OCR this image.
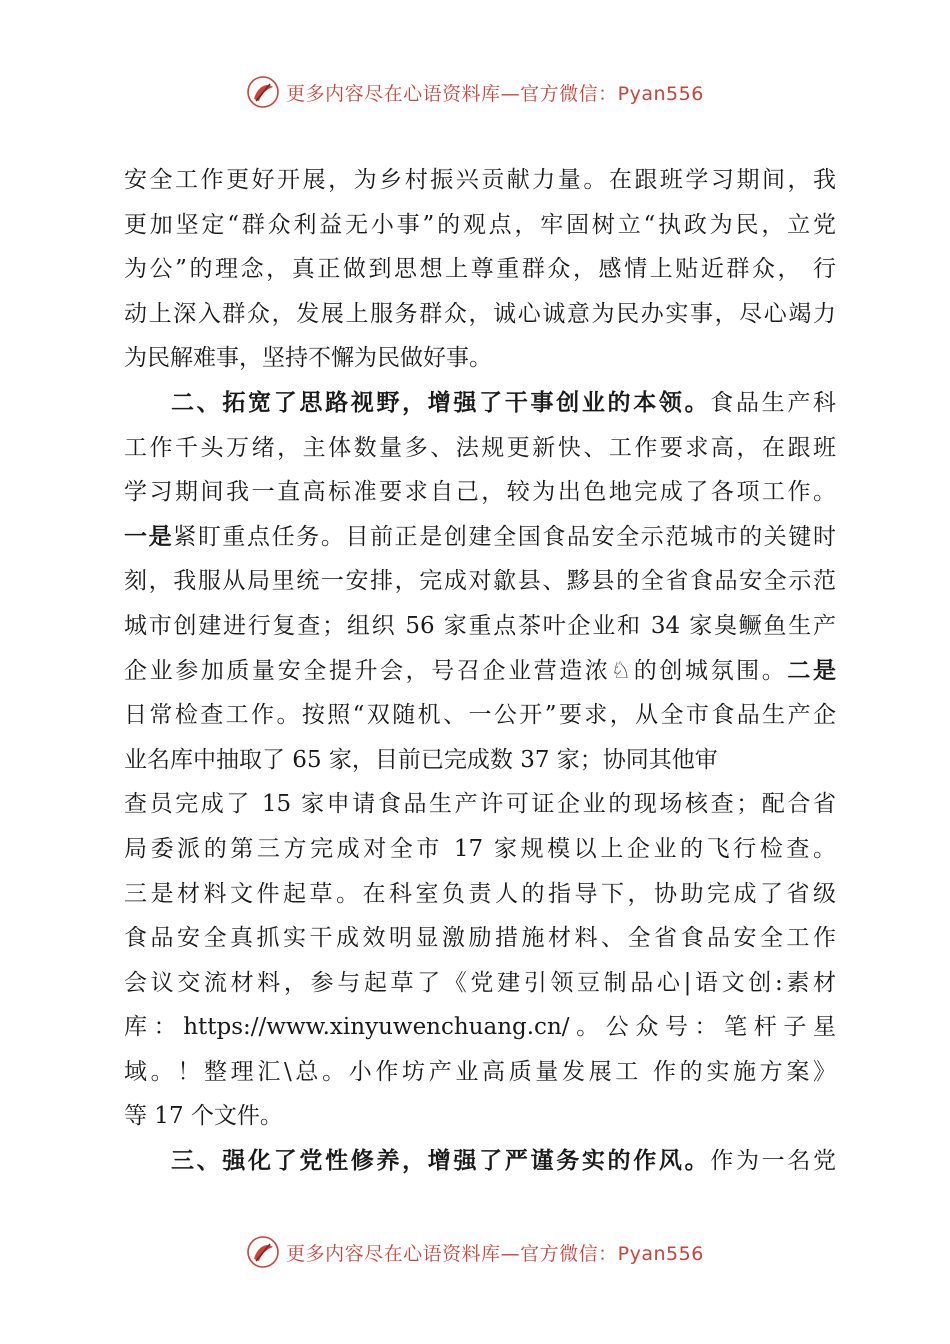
更多内容尽在心语资料库—官方微信：Pyan556
安全工作更好开展，为乡村振兴贡献力量。在跟班学习期间，我
更加坚定“群众利益无小事”的观点，牢固树立“执政为民，立党
为公”的理念，真正做到思想上尊重群众，感情上贴近群众， 行
动上深入群众，发展上服务群众，诚心诚意为民办实事，尽心竭力
为民解难事，坚持不懈为民做好事。
二、拓宽了思路视野，增强了干事创业的本领。食品生产科
工作千头万绪，主体数量多、法规更新快、工作要求高，在跟班
学习期间我一直高标准要求自己，较为出色地完成了各项工作。
一是紧盯重点任务。目前正是创建全国食品安全示范城市的关键时
刻，我服从局里统一安排，完成对歙县、黟县的全省食品安全示范
城市创建进行复查；组织 56 家重点茶叶企业和 34 家臭鳜鱼生产
企业参加质量安全提升会，号召企业营造浓♘的创城氛围。二是
日常检查工作。按照“双随机、一公开”要求，从全市食品生产企
业名库中抽取了 65 家，目前已完成数 37 家；协同其他审
查员完成了 15 家申请食品生产许可证企业的现场核查；配合省
局委派的第三方完成对全市 17 家规模以上企业的飞行检查。
三是材料文件起草。在科室负责人的指导下，协助完成了省级
食品安全真抓实干成效明显激励措施材料、全省食品安全工作
会议交流材料，参与起草了《党建引领豆制品心|语文创:素材
库：https://www.xinyuwenchuang.cn/。公众号：笔杆子星
域。！整理汇\总。小作坊产业高质量发展工 作的实施方案》
等 17 个文件。
三、强化了党性修养，增强了严谨务实的作风。作为一名党
更多内容尽在心语资料库—官方微信：Pyan556
